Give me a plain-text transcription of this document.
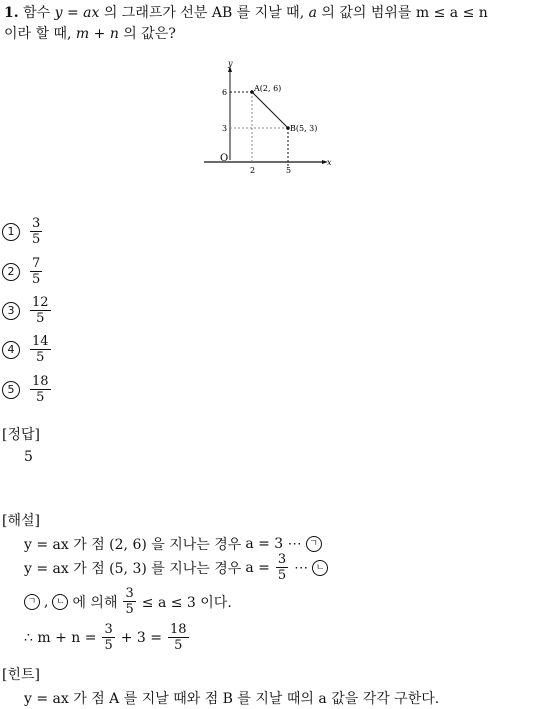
1. 함수 y = ax 의 그래프가 선분 AB 를 지날 때, a 의 값의 범위를 m ≤ a ≤ n
이라 할 때, m + n 의 값은?
y
x
O
A(2, 6)
B(5, 3)
6
3
2	5
1	$\frac{3}{5}$
2	$\frac{7}{5}$
3	$\frac{12}{5}$
4	$\frac{14}{5}$
5	$\frac{18}{5}$
[정답]
5
[해설]
y = ax 가 점 (2, 6) 을 지나는 경우 a = 3 ⋯ ㄱ
y = ax 가 점 (5, 3) 를 지나는 경우 $a = \frac{3}{5}$ ⋯ ㄴ
ㄱ , ㄴ 에 의해 $\frac{3}{5} \le a \le 3$ 이다.
∴ $m + n = \frac{3}{5} + 3 = \frac{18}{5}$
[힌트]
y = ax 가 점 A 를 지날 때와 점 B 를 지날 때의 a 값을 각각 구한다.
